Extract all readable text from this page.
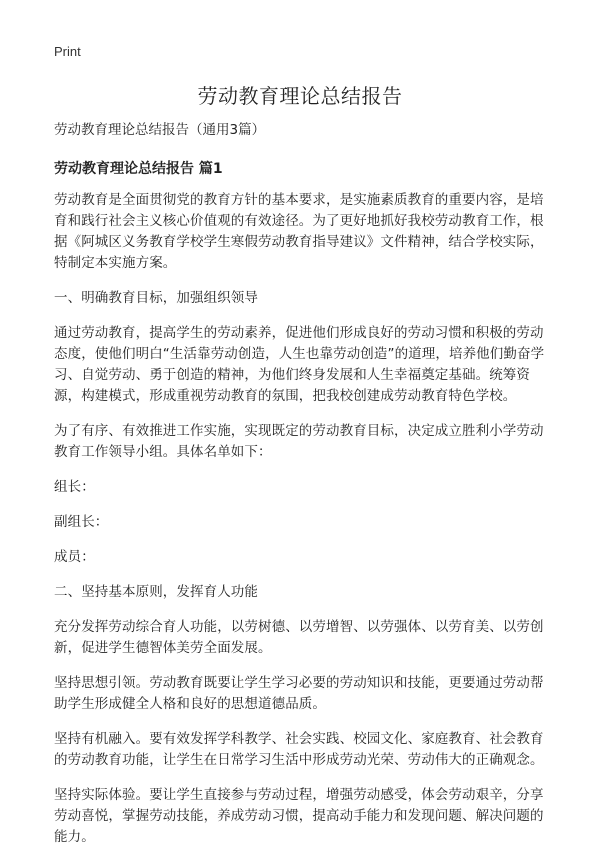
Print
劳动教育理论总结报告
劳动教育理论总结报告（通用3篇）
劳动教育理论总结报告 篇1

劳动教育是全面贯彻党的教育方针的基本要求，是实施素质教育的重要内容，是培育和践行社会主义核心价值观的有效途径。为了更好地抓好我校劳动教育工作，根据《阿城区义务教育学校学生寒假劳动教育指导建议》文件精神，结合学校实际，特制定本实施方案。

一、明确教育目标，加强组织领导

通过劳动教育，提高学生的劳动素养，促进他们形成良好的劳动习惯和积极的劳动态度，使他们明白“生活靠劳动创造，人生也靠劳动创造”的道理，培养他们勤奋学习、自觉劳动、勇于创造的精神，为他们终身发展和人生幸福奠定基础。统筹资源，构建模式，形成重视劳动教育的氛围，把我校创建成劳动教育特色学校。

为了有序、有效推进工作实施，实现既定的劳动教育目标，决定成立胜利小学劳动教育工作领导小组。具体名单如下：

组长：

副组长：

成员：

二、坚持基本原则，发挥育人功能

充分发挥劳动综合育人功能，以劳树德、以劳增智、以劳强体、以劳育美、以劳创新，促进学生德智体美劳全面发展。

坚持思想引领。劳动教育既要让学生学习必要的劳动知识和技能，更要通过劳动帮助学生形成健全人格和良好的思想道德品质。

坚持有机融入。要有效发挥学科教学、社会实践、校园文化、家庭教育、社会教育的劳动教育功能，让学生在日常学习生活中形成劳动光荣、劳动伟大的正确观念。

坚持实际体验。要让学生直接参与劳动过程，增强劳动感受，体会劳动艰辛，分享劳动喜悦，掌握劳动技能，养成劳动习惯，提高动手能力和发现问题、解决问题的能力。
